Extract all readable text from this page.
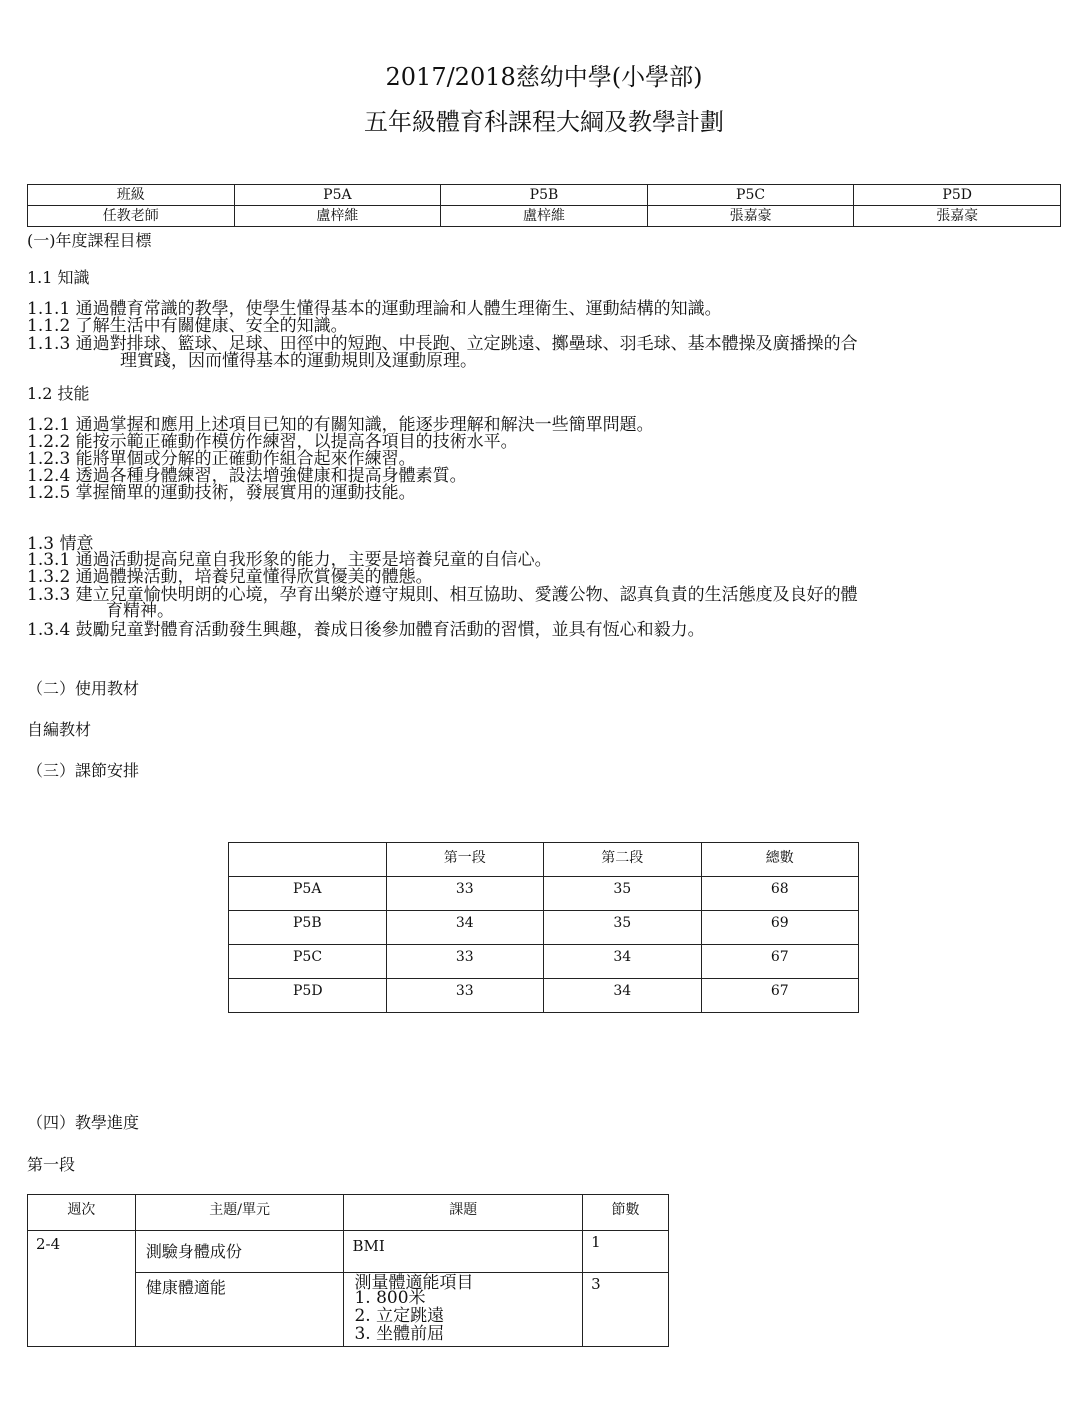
2017/2018慈幼中學(小學部)
五年級體育科課程大綱及教學計劃
班級	P5A	P5B	P5C	P5D
任教老師	盧梓維	盧梓維	張嘉豪	張嘉豪
(一)年度課程目標
1.1 知識
1.1.1 通過體育常識的教學，使學生懂得基本的運動理論和人體生理衛生、運動結構的知識。
1.1.2 了解生活中有關健康、安全的知識。
1.1.3 通過對排球、籃球、足球、田徑中的短跑、中長跑、立定跳遠、擲壘球、羽毛球、基本體操及廣播操的合
理實踐，因而懂得基本的運動規則及運動原理。
1.2 技能
1.2.1 通過掌握和應用上述項目已知的有關知識，能逐步理解和解決一些簡單問題。
1.2.2 能按示範正確動作模仿作練習，以提高各項目的技術水平。
1.2.3 能將單個或分解的正確動作組合起來作練習。
1.2.4 透過各種身體練習，設法增強健康和提高身體素質。
1.2.5 掌握簡單的運動技術，發展實用的運動技能。
1.3 情意
1.3.1 通過活動提高兒童自我形象的能力，主要是培養兒童的自信心。
1.3.2 通過體操活動，培養兒童懂得欣賞優美的體態。
1.3.3 建立兒童愉快明朗的心境，孕育出樂於遵守規則、相互協助、愛護公物、認真負責的生活態度及良好的體
育精神。
1.3.4 鼓勵兒童對體育活動發生興趣，養成日後參加體育活動的習慣，並具有恆心和毅力。
（二）使用教材
自編教材
（三）課節安排
	第一段	第二段	總數
P5A	33	35	68
P5B	34	35	69
P5C	33	34	67
P5D	33	34	67
（四）教學進度
第一段
週次	主題/單元	課題	節數
2-4	測驗身體成份	BMI	1
	健康體適能	測量體適能項目
1. 800米
2. 立定跳遠
3. 坐體前屈	3
